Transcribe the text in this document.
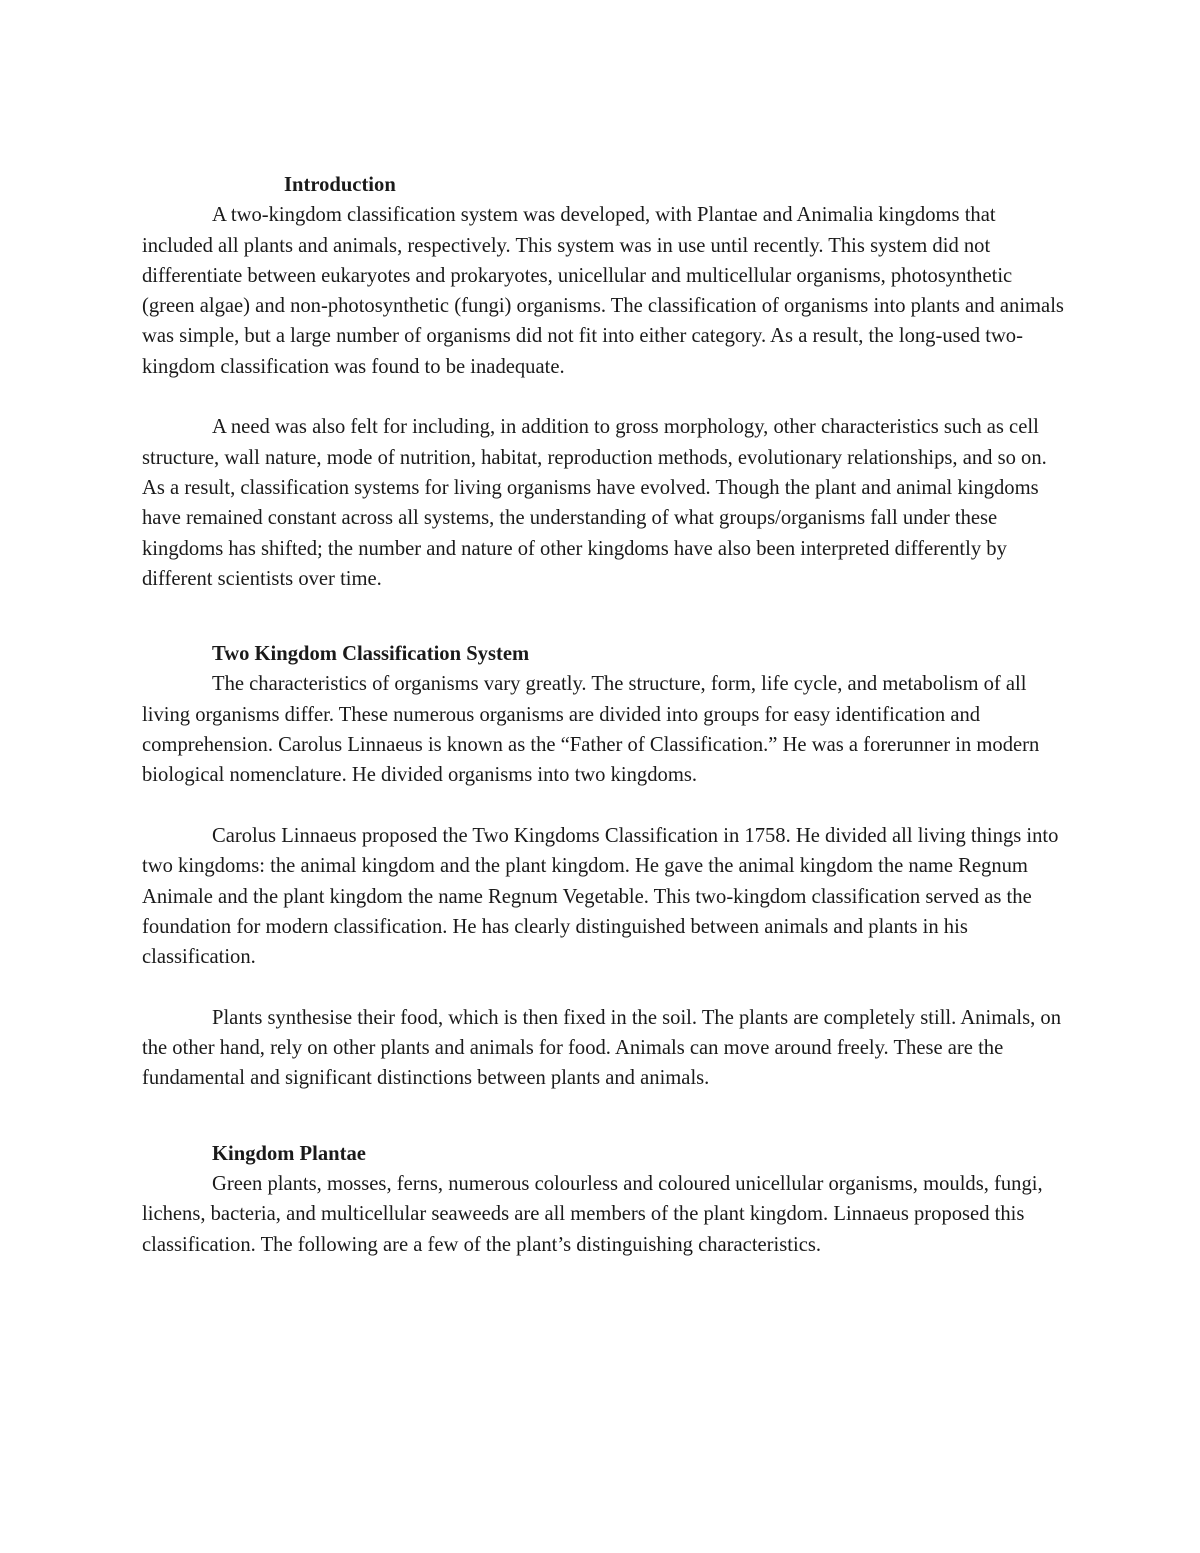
Introduction

A two-kingdom classification system was developed, with Plantae and Animalia kingdoms that included all plants and animals, respectively. This system was in use until recently. This system did not differentiate between eukaryotes and prokaryotes, unicellular and multicellular organisms, photosynthetic (green algae) and non-photosynthetic (fungi) organisms. The classification of organisms into plants and animals was simple, but a large number of organisms did not fit into either category. As a result, the long-used two-kingdom classification was found to be inadequate.

A need was also felt for including, in addition to gross morphology, other characteristics such as cell structure, wall nature, mode of nutrition, habitat, reproduction methods, evolutionary relationships, and so on. As a result, classification systems for living organisms have evolved. Though the plant and animal kingdoms have remained constant across all systems, the understanding of what groups/organisms fall under these kingdoms has shifted; the number and nature of other kingdoms have also been interpreted differently by different scientists over time.

Two Kingdom Classification System

The characteristics of organisms vary greatly. The structure, form, life cycle, and metabolism of all living organisms differ. These numerous organisms are divided into groups for easy identification and comprehension. Carolus Linnaeus is known as the “Father of Classification.” He was a forerunner in modern biological nomenclature. He divided organisms into two kingdoms.

Carolus Linnaeus proposed the Two Kingdoms Classification in 1758. He divided all living things into two kingdoms: the animal kingdom and the plant kingdom. He gave the animal kingdom the name Regnum Animale and the plant kingdom the name Regnum Vegetable. This two-kingdom classification served as the foundation for modern classification. He has clearly distinguished between animals and plants in his classification.

Plants synthesise their food, which is then fixed in the soil. The plants are completely still. Animals, on the other hand, rely on other plants and animals for food. Animals can move around freely. These are the fundamental and significant distinctions between plants and animals.

Kingdom Plantae

Green plants, mosses, ferns, numerous colourless and coloured unicellular organisms, moulds, fungi, lichens, bacteria, and multicellular seaweeds are all members of the plant kingdom. Linnaeus proposed this classification. The following are a few of the plant’s distinguishing characteristics.
